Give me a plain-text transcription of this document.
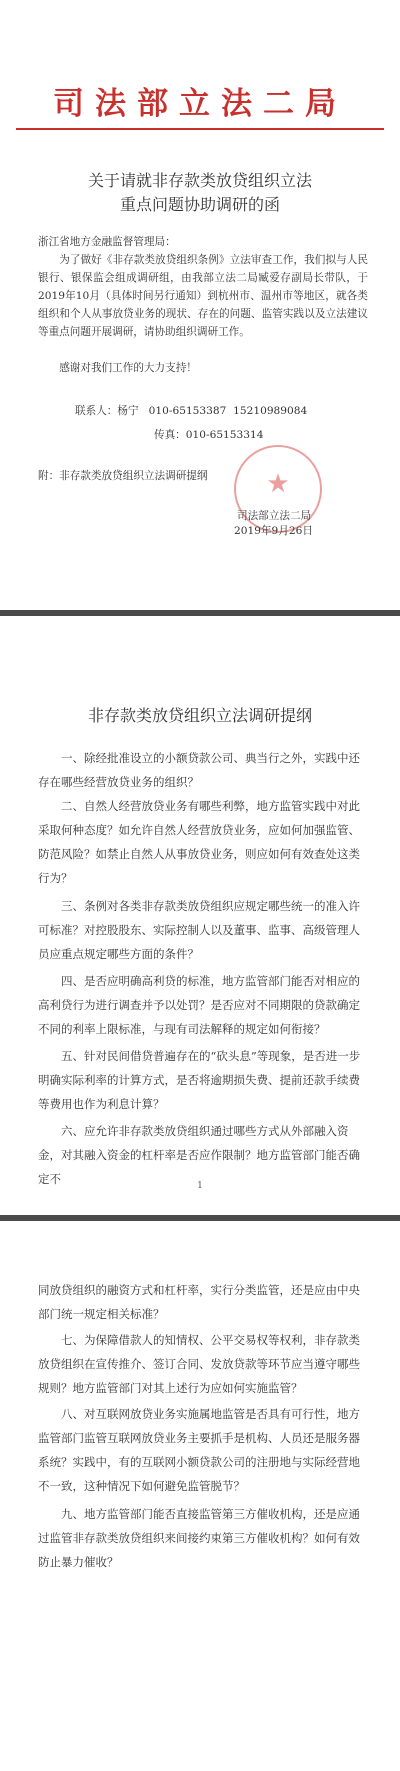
司法部立法二局
关于请就非存款类放贷组织立法
重点问题协助调研的函
浙江省地方金融监督管理局：
为了做好《非存款类放贷组织条例》立法审查工作，我们拟与人民银行、银保监会组成调研组，由我部立法二局臧爱存副局长带队，于2019年10月（具体时间另行通知）到杭州市、温州市等地区，就各类组织和个人从事放贷业务的现状、存在的问题、监管实践以及立法建议等重点问题开展调研，请协助组织调研工作。
感谢对我们工作的大力支持！
联系人：杨宁   010-65153387  15210989084
传真：010-65153314
附：非存款类放贷组织立法调研提纲	★
司法部立法二局
2019年9月26日
非存款类放贷组织立法调研提纲
一、除经批准设立的小额贷款公司、典当行之外，实践中还存在哪些经营放贷业务的组织？
二、自然人经营放贷业务有哪些利弊，地方监管实践中对此采取何种态度？如允许自然人经营放贷业务，应如何加强监管、防范风险？如禁止自然人从事放贷业务，则应如何有效查处这类行为？
三、条例对各类非存款类放贷组织应规定哪些统一的准入许可标准？对控股股东、实际控制人以及董事、监事、高级管理人员应重点规定哪些方面的条件？
四、是否应明确高利贷的标准，地方监管部门能否对相应的高利贷行为进行调查并予以处罚？是否应对不同期限的贷款确定不同的利率上限标准，与现有司法解释的规定如何衔接？
五、针对民间借贷普遍存在的“砍头息”等现象，是否进一步明确实际利率的计算方式，是否将逾期损失费、提前还款手续费等费用也作为利息计算？
六、应允许非存款类放贷组织通过哪些方式从外部融入资金，对其融入资金的杠杆率是否应作限制？地方监管部门能否确定不	1
同放贷组织的融资方式和杠杆率，实行分类监管，还是应由中央部门统一规定相关标准？
七、为保障借款人的知情权、公平交易权等权利，非存款类放贷组织在宣传推介、签订合同、发放贷款等环节应当遵守哪些规则？地方监管部门对其上述行为应如何实施监管？
八、对互联网放贷业务实施属地监管是否具有可行性，地方监管部门监管互联网放贷业务主要抓手是机构、人员还是服务器系统？实践中，有的互联网小额贷款公司的注册地与实际经营地不一致，这种情况下如何避免监管脱节？
九、地方监管部门能否直接监管第三方催收机构，还是应通过监管非存款类放贷组织来间接约束第三方催收机构？如何有效防止暴力催收？
